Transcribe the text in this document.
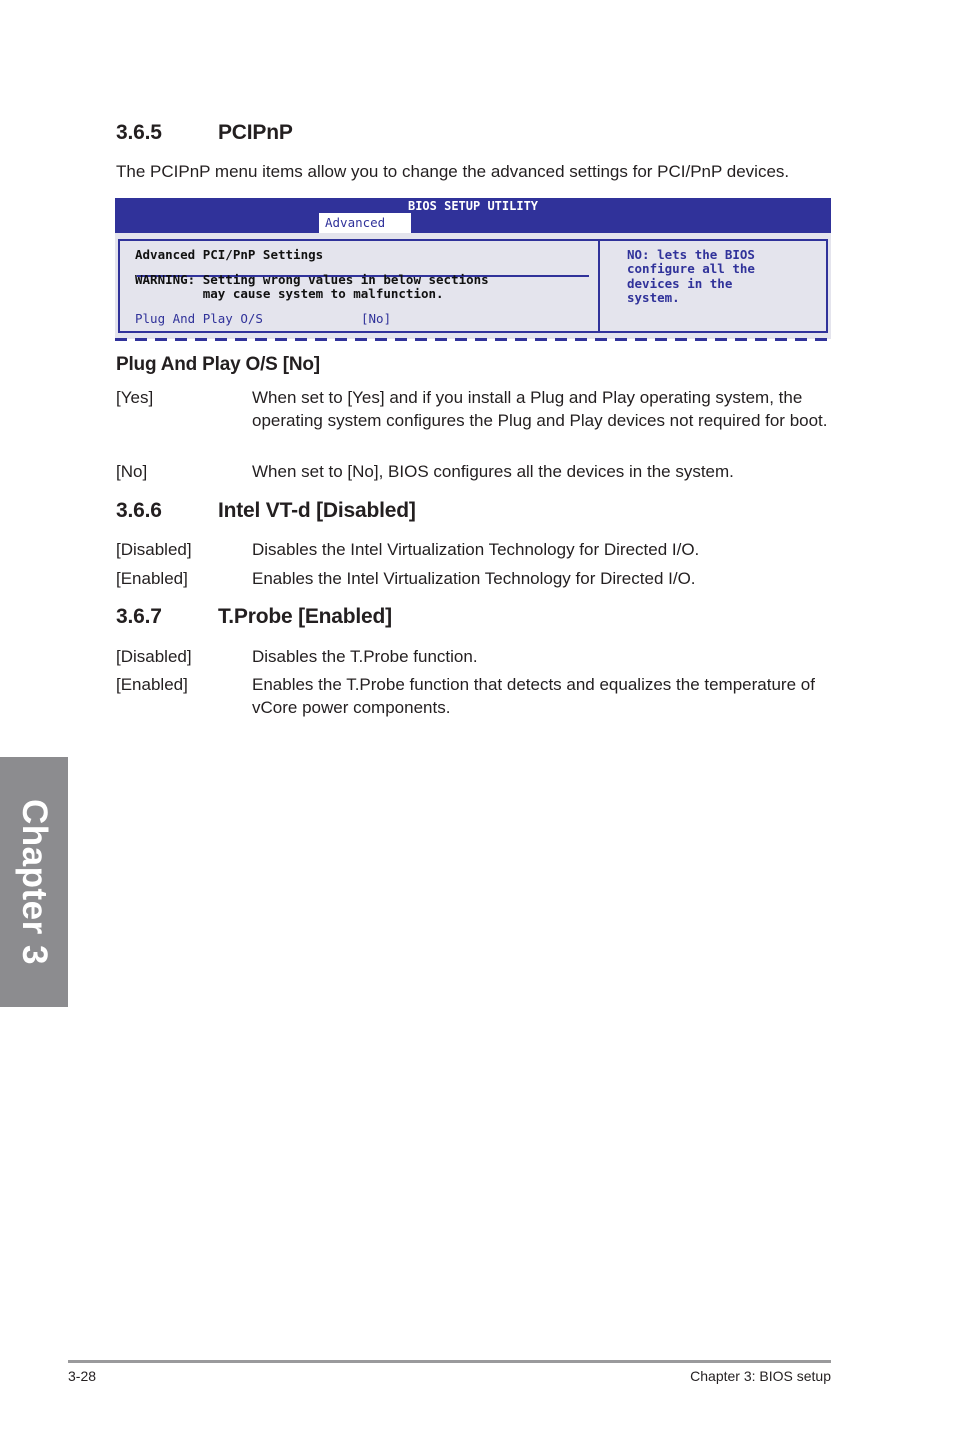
3.6.5	PCIPnP
The PCIPnP menu items allow you to change the advanced settings for PCI/PnP devices.
BIOS SETUP UTILITY
Advanced
Advanced PCI/PnP Settings
WARNING: Setting wrong values in below sections
may cause system to malfunction.
Plug And Play O/S	[No]
NO: lets the BIOS
configure all the
devices in the
system.
Plug And Play O/S [No]
[Yes]	When set to [Yes] and if you install a Plug and Play operating system, the operating system configures the Plug and Play devices not required for boot.
[No]	When set to [No], BIOS configures all the devices in the system.
3.6.6	Intel VT-d [Disabled]
[Disabled]	Disables the Intel Virtualization Technology for Directed I/O.
[Enabled]	Enables the Intel Virtualization Technology for Directed I/O.
3.6.7	T.Probe [Enabled]
[Disabled]	Disables the T.Probe function.
[Enabled]	Enables the T.Probe function that detects and equalizes the temperature of vCore power components.
Chapter 3
3-28	Chapter 3: BIOS setup
